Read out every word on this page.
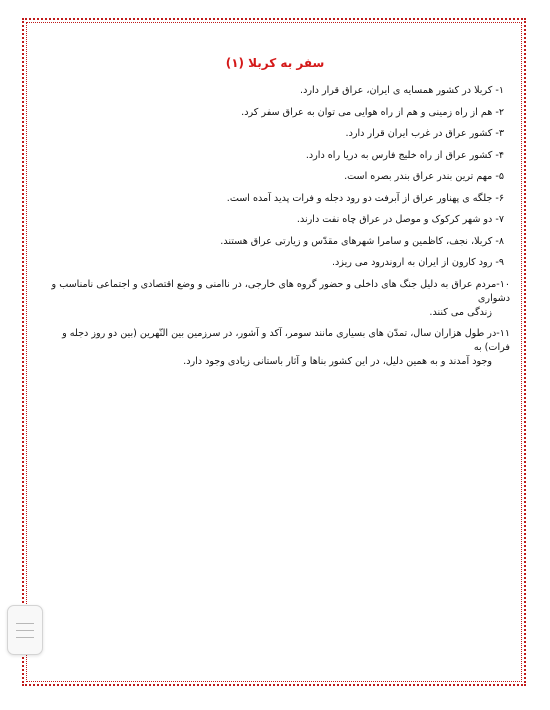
سفر به کربلا (۱)
۱- کربلا در کشور همسایه ی ایران، عراق قرار دارد.
۲- هم از راه زمینی و هم از راه هوایی می توان به عراق سفر کرد.
۳- کشور عراق در غرب ایران قرار دارد.
۴- کشور عراق از راه خلیج فارس به دریا راه دارد.
۵- مهم ترین بندر عراق بندر بصره است.
۶- جلگه ی پهناور عراق از آبرفت دو رود دجله و فرات پدید آمده است.
۷- دو شهر کرکوک و موصل در عراق چاه نفت دارند.
۸- کربلا، نجف، کاظمین و سامرا شهرهای مقدّس و زیارتی عراق هستند.
۹- رود کارون از ایران به اروندرود می ریزد.
۱۰-مردم عراق به دلیل جنگ های داخلی و حضور گروه های خارجی، در ناامنی و وضع اقتصادی و اجتماعی نامناسب و دشواری
زندگی می کنند.
۱۱-در طول هزاران سال، تمدّن های بسیاری مانند سومر، آکد و آشور، در سرزمین بین النّهرین (بین دو روز دجله و فرات) به
وجود آمدند و به همین دلیل، در این کشور بناها و آثار باستانی زیادی وجود دارد.
